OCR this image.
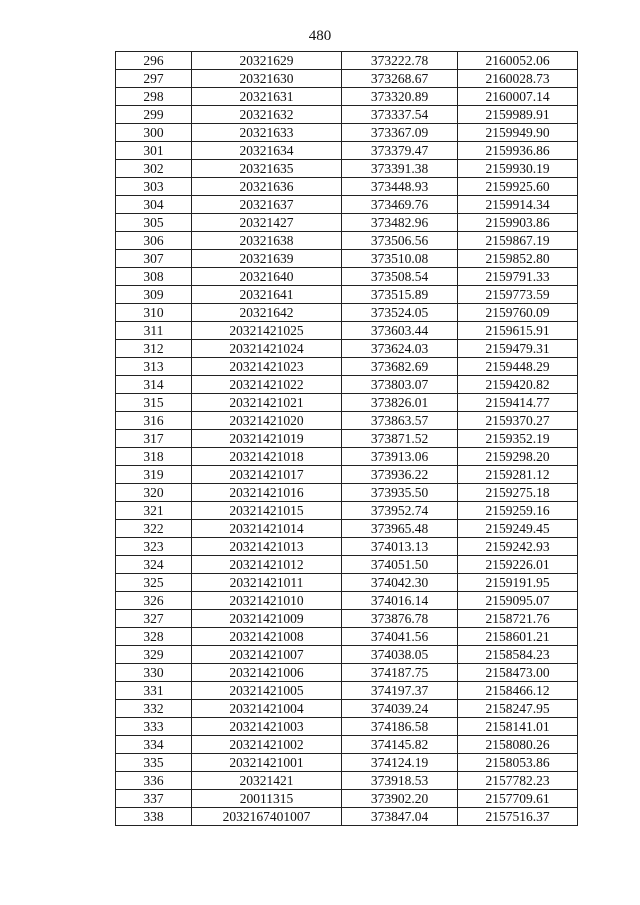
480
296	20321629	373222.78	2160052.06
297	20321630	373268.67	2160028.73
298	20321631	373320.89	2160007.14
299	20321632	373337.54	2159989.91
300	20321633	373367.09	2159949.90
301	20321634	373379.47	2159936.86
302	20321635	373391.38	2159930.19
303	20321636	373448.93	2159925.60
304	20321637	373469.76	2159914.34
305	20321427	373482.96	2159903.86
306	20321638	373506.56	2159867.19
307	20321639	373510.08	2159852.80
308	20321640	373508.54	2159791.33
309	20321641	373515.89	2159773.59
310	20321642	373524.05	2159760.09
311	20321421025	373603.44	2159615.91
312	20321421024	373624.03	2159479.31
313	20321421023	373682.69	2159448.29
314	20321421022	373803.07	2159420.82
315	20321421021	373826.01	2159414.77
316	20321421020	373863.57	2159370.27
317	20321421019	373871.52	2159352.19
318	20321421018	373913.06	2159298.20
319	20321421017	373936.22	2159281.12
320	20321421016	373935.50	2159275.18
321	20321421015	373952.74	2159259.16
322	20321421014	373965.48	2159249.45
323	20321421013	374013.13	2159242.93
324	20321421012	374051.50	2159226.01
325	20321421011	374042.30	2159191.95
326	20321421010	374016.14	2159095.07
327	20321421009	373876.78	2158721.76
328	20321421008	374041.56	2158601.21
329	20321421007	374038.05	2158584.23
330	20321421006	374187.75	2158473.00
331	20321421005	374197.37	2158466.12
332	20321421004	374039.24	2158247.95
333	20321421003	374186.58	2158141.01
334	20321421002	374145.82	2158080.26
335	20321421001	374124.19	2158053.86
336	20321421	373918.53	2157782.23
337	20011315	373902.20	2157709.61
338	2032167401007	373847.04	2157516.37
